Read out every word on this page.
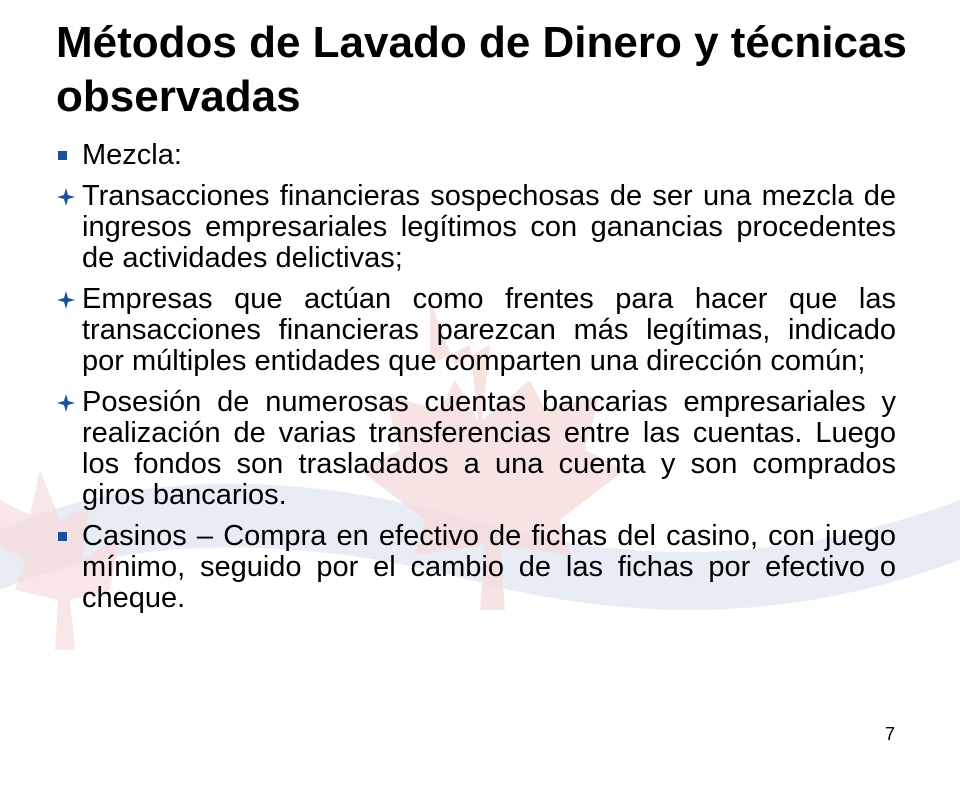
Métodos de Lavado de Dinero y técnicas observadas
Mezcla:
Transacciones financieras sospechosas de ser una mezcla de ingresos empresariales legítimos con ganancias procedentes de actividades delictivas;
Empresas que actúan como frentes para hacer que las transacciones financieras parezcan más legítimas, indicado por múltiples entidades que comparten una dirección común;
Posesión de numerosas cuentas bancarias empresariales y realización de varias transferencias entre las cuentas. Luego los fondos son trasladados a una cuenta y son comprados giros bancarios.
Casinos – Compra en efectivo de fichas del casino, con juego mínimo, seguido por el cambio de las fichas por efectivo o cheque.
7
